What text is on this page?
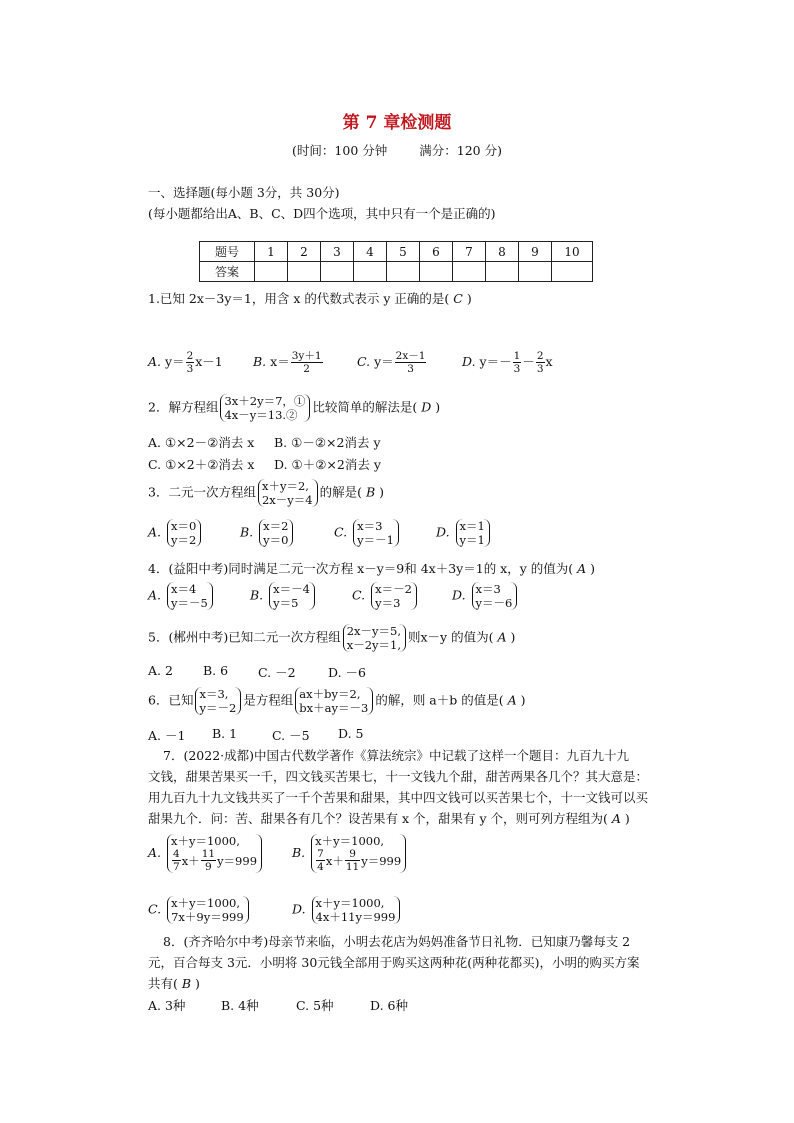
第 7 章检测题
(时间：100 分钟	满分：120 分)
一、选择题(每小题 3分，共 30分)
(每小题都给出A、B、C、D四个选项，其中只有一个是正确的)
题号	1	2	3	4	5	6	7	8	9	10
答案										
1.已知 2x－3y＝1，用含 x 的代数式表示 y 正确的是( C )
A. $y= \frac{2}{3} x-1$ B. $x= \frac{3y+1}{2}$	C. $y= \frac{2x-1}{3}$	D. $y=- \frac{1}{3} - \frac{2}{3}$ x
2．解方程组 3x＋2y＝7，①
4x－y＝13.②
比较简单的解法是( D )
A. ①×2－②消去 x B. ①－②×2消去 y
C. ①×2＋②消去 x D. ①＋②×2消去 y
3．二元一次方程组 x＋y＝2,
2x－y＝4
的解是( B )
A. x＝0
y＝2
B. x＝2
y＝0
C. x＝3
y＝－1
D. x＝1
y＝1
4．(益阳中考)同时满足二元一次方程 x－y＝9和 4x＋3y＝1的 x，y 的值为( A )
A. x＝4
y＝－5
B. x＝－4
y＝5
C. x＝－2
y＝3
D. x＝3
y＝－6
5．(郴州中考)已知二元一次方程组 2x－y＝5,
x－2y＝1,
则x－y 的值为( A )
A. 2 B. 6 C. －2	D. －6
6．已知 x＝3,
y＝－2
是方程组 ax＋by＝2,
bx＋ay＝－3
的解，则 a＋b 的值是( A )
A. －1 B. 1	C. －5 D. 5
7．(2022·成都)中国古代数学著作《算法统宗》中记载了这样一个题目：九百九十九
文钱，甜果苦果买一千，四文钱买苦果七，十一文钱九个甜，甜苦两果各几个？其大意是：
用九百九十九文钱共买了一千个苦果和甜果，其中四文钱可以买苦果七个，十一文钱可以买
甜果九个．问：苦、甜果各有几个？设苦果有 x 个，甜果有 y 个，则可列方程组为( A )
A.
x＋y＝1000,
$\frac{4}{7} x+ \frac{11}{9} y=999$
B.
x＋y＝1000,
$\frac{7}{4} x+ \frac{9}{11} y=999$
C. x＋y＝1000,
7x＋9y＝999
D. x＋y＝1000,
4x＋11y＝999
8．(齐齐哈尔中考)母亲节来临，小明去花店为妈妈准备节日礼物．已知康乃馨每支 2
元，百合每支 3元．小明将 30元钱全部用于购买这两种花(两种花都买)，小明的购买方案
共有( B )
A. 3种	B. 4种	C. 5种	D. 6种
